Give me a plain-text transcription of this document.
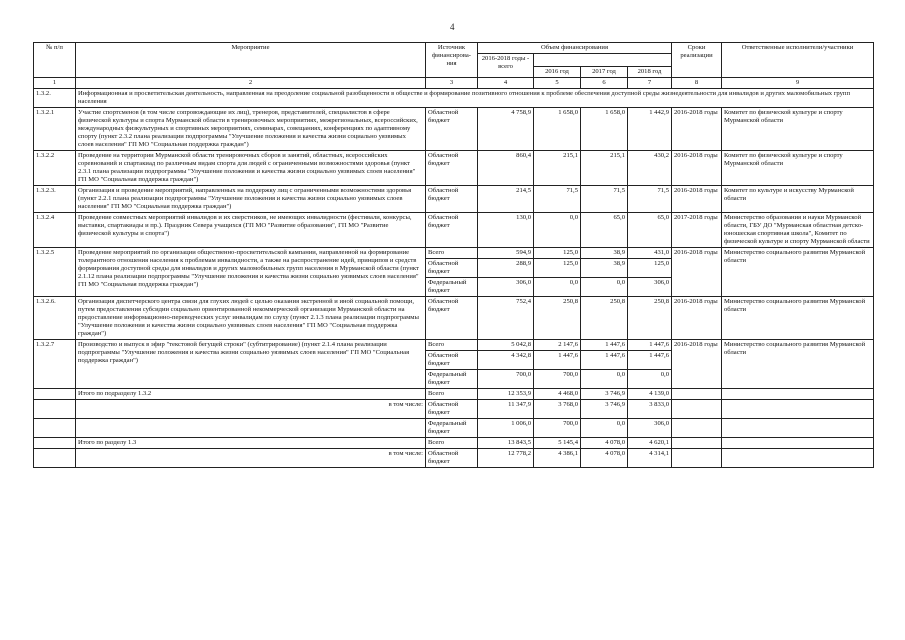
4
№ п/п	Мероприятие	Источник финансирова- ния	Объем финансирования				Сроки реализации	Ответственные исполнители/участники
			2016-2018 годы - всего					
				2016 год	2017 год	2018 год		
1	2	3	4	5	6	7	8	9
1.3.2.	Информационная и просветительская деятельность, направленная на преодоление социальной разобщенности в обществе и формирование позитивного отношения к проблеме обеспечения доступной среды жизнедеятельности для инвалидов и других маломобильных групп населения							
1.3.2.1	Участие спортсменов (в том числе сопровождающие их лиц), тренеров, представителей, специалистов в сфере физической культуры и спорта Мурманской области в тренировочных мероприятиях, межрегиональных, всероссийских, международных физкультурных и спортивных мероприятиях, семинарах, совещаниях, конференциях по адаптивному спорту (пункт 2.3.2 плана реализации подпрограммы "Улучшение положения и качества жизни социально уязвимых слоев населения" ГП МО "Социальная поддержка граждан")	Областной бюджет	4 758,9	1 658,0	1 658,0	1 442,9	2016-2018 годы	Комитет по физической культуре и спорту Мурманской области
1.3.2.2	Проведение на территории Мурманской области тренировочных сборов и занятий, областных, всероссийских соревнований и спартакиад по различным видам спорта для людей с ограниченными возможностями здоровья (пункт 2.3.1 плана реализации подпрограммы "Улучшение положения и качества жизни социально уязвимых слоев населения" ГП МО "Социальная поддержка граждан")	Областной бюджет	860,4	215,1	215,1	430,2	2016-2018 годы	Комитет по физической культуре и спорту Мурманской области
1.3.2.3.	Организация и проведение мероприятий, направленных на поддержку лиц с ограниченными возможностями здоровья (пункт 2.2.1 плана реализации подпрограммы "Улучшение положения и качества жизни социально уязвимых слоев населения" ГП МО "Социальная поддержка граждан")	Областной бюджет	214,5	71,5	71,5	71,5	2016-2018 годы	Комитет по культуре и искусству Мурманской области
1.3.2.4	Проведение совместных мероприятий инвалидов и их сверстников, не имеющих инвалидности (фестивали, конкурсы, выставки, спартакиады и пр.). Праздник Севера учащихся (ГП МО "Развитие образования", ГП МО "Развитие физической культуры и спорта")	Областной бюджет	130,0	0,0	65,0	65,0	2017-2018 годы	Министерство образования и науки Мурманской области, ГБУ ДО "Мурманская областная детско-юношеская спортивная школа", Комитет по физической культуре и спорту Мурманской области
1.3.2.5	Проведение мероприятий по организации общественно-просветительской кампании, направленной на формирование толерантного отношения населения к проблемам инвалидности, а также на распространение идей, принципов и средств формирования доступной среды для инвалидов и других маломобильных групп населения в Мурманской области (пункт 2.1.12 плана реализации подпрограммы "Улучшение положения и качества жизни социально уязвимых слоев населения" ГП МО "Социальная поддержка граждан")	Всего	594,9	125,0	38,9	431,0	2016-2018 годы	Министерство социального развития Мурманской области
		Областной бюджет	288,9	125,0	38,9	125,0		
		Федеральный бюджет	306,0	0,0	0,0	306,0		
1.3.2.6.	Организация диспетчерского центра связи для глухих людей с целью оказания экстренной и иной социальной помощи, путем предоставления субсидии социально ориентированной некоммерческой организации Мурманской области на предоставление информационно-переводческих услуг инвалидам по слуху (пункт 2.1.3 плана реализации подпрограммы "Улучшение положения и качества жизни социально уязвимых слоев населения" ГП МО "Социальная поддержка граждан")	Областной бюджет	752,4	250,8	250,8	250,8	2016-2018 годы	Министерство социального развития Мурманской области
1.3.2.7	Производство и выпуск в эфир "текстовой бегущей строки" (субтитрирование) (пункт 2.1.4 плана реализации подпрограммы "Улучшение положения и качества жизни социально уязвимых слоев населения" ГП МО "Социальная поддержка граждан")	Всего	5 042,8	2 147,6	1 447,6	1 447,6	2016-2018 годы	Министерство социального развития Мурманской области
		Областной бюджет	4 342,8	1 447,6	1 447,6	1 447,6		
		Федеральный бюджет	700,0	700,0	0,0	0,0		
	Итого по подразделу 1.3.2	Всего	12 353,9	4 468,0	3 746,9	4 139,0		
	в том числе:	Областной бюджет	11 347,9	3 768,0	3 746,9	3 833,0		
		Федеральный бюджет	1 006,0	700,0	0,0	306,0		
	Итого по разделу 1.3	Всего	13 843,5	5 145,4	4 078,0	4 620,1		
	в том числе:	Областной бюджет	12 778,2	4 386,1	4 078,0	4 314,1		
